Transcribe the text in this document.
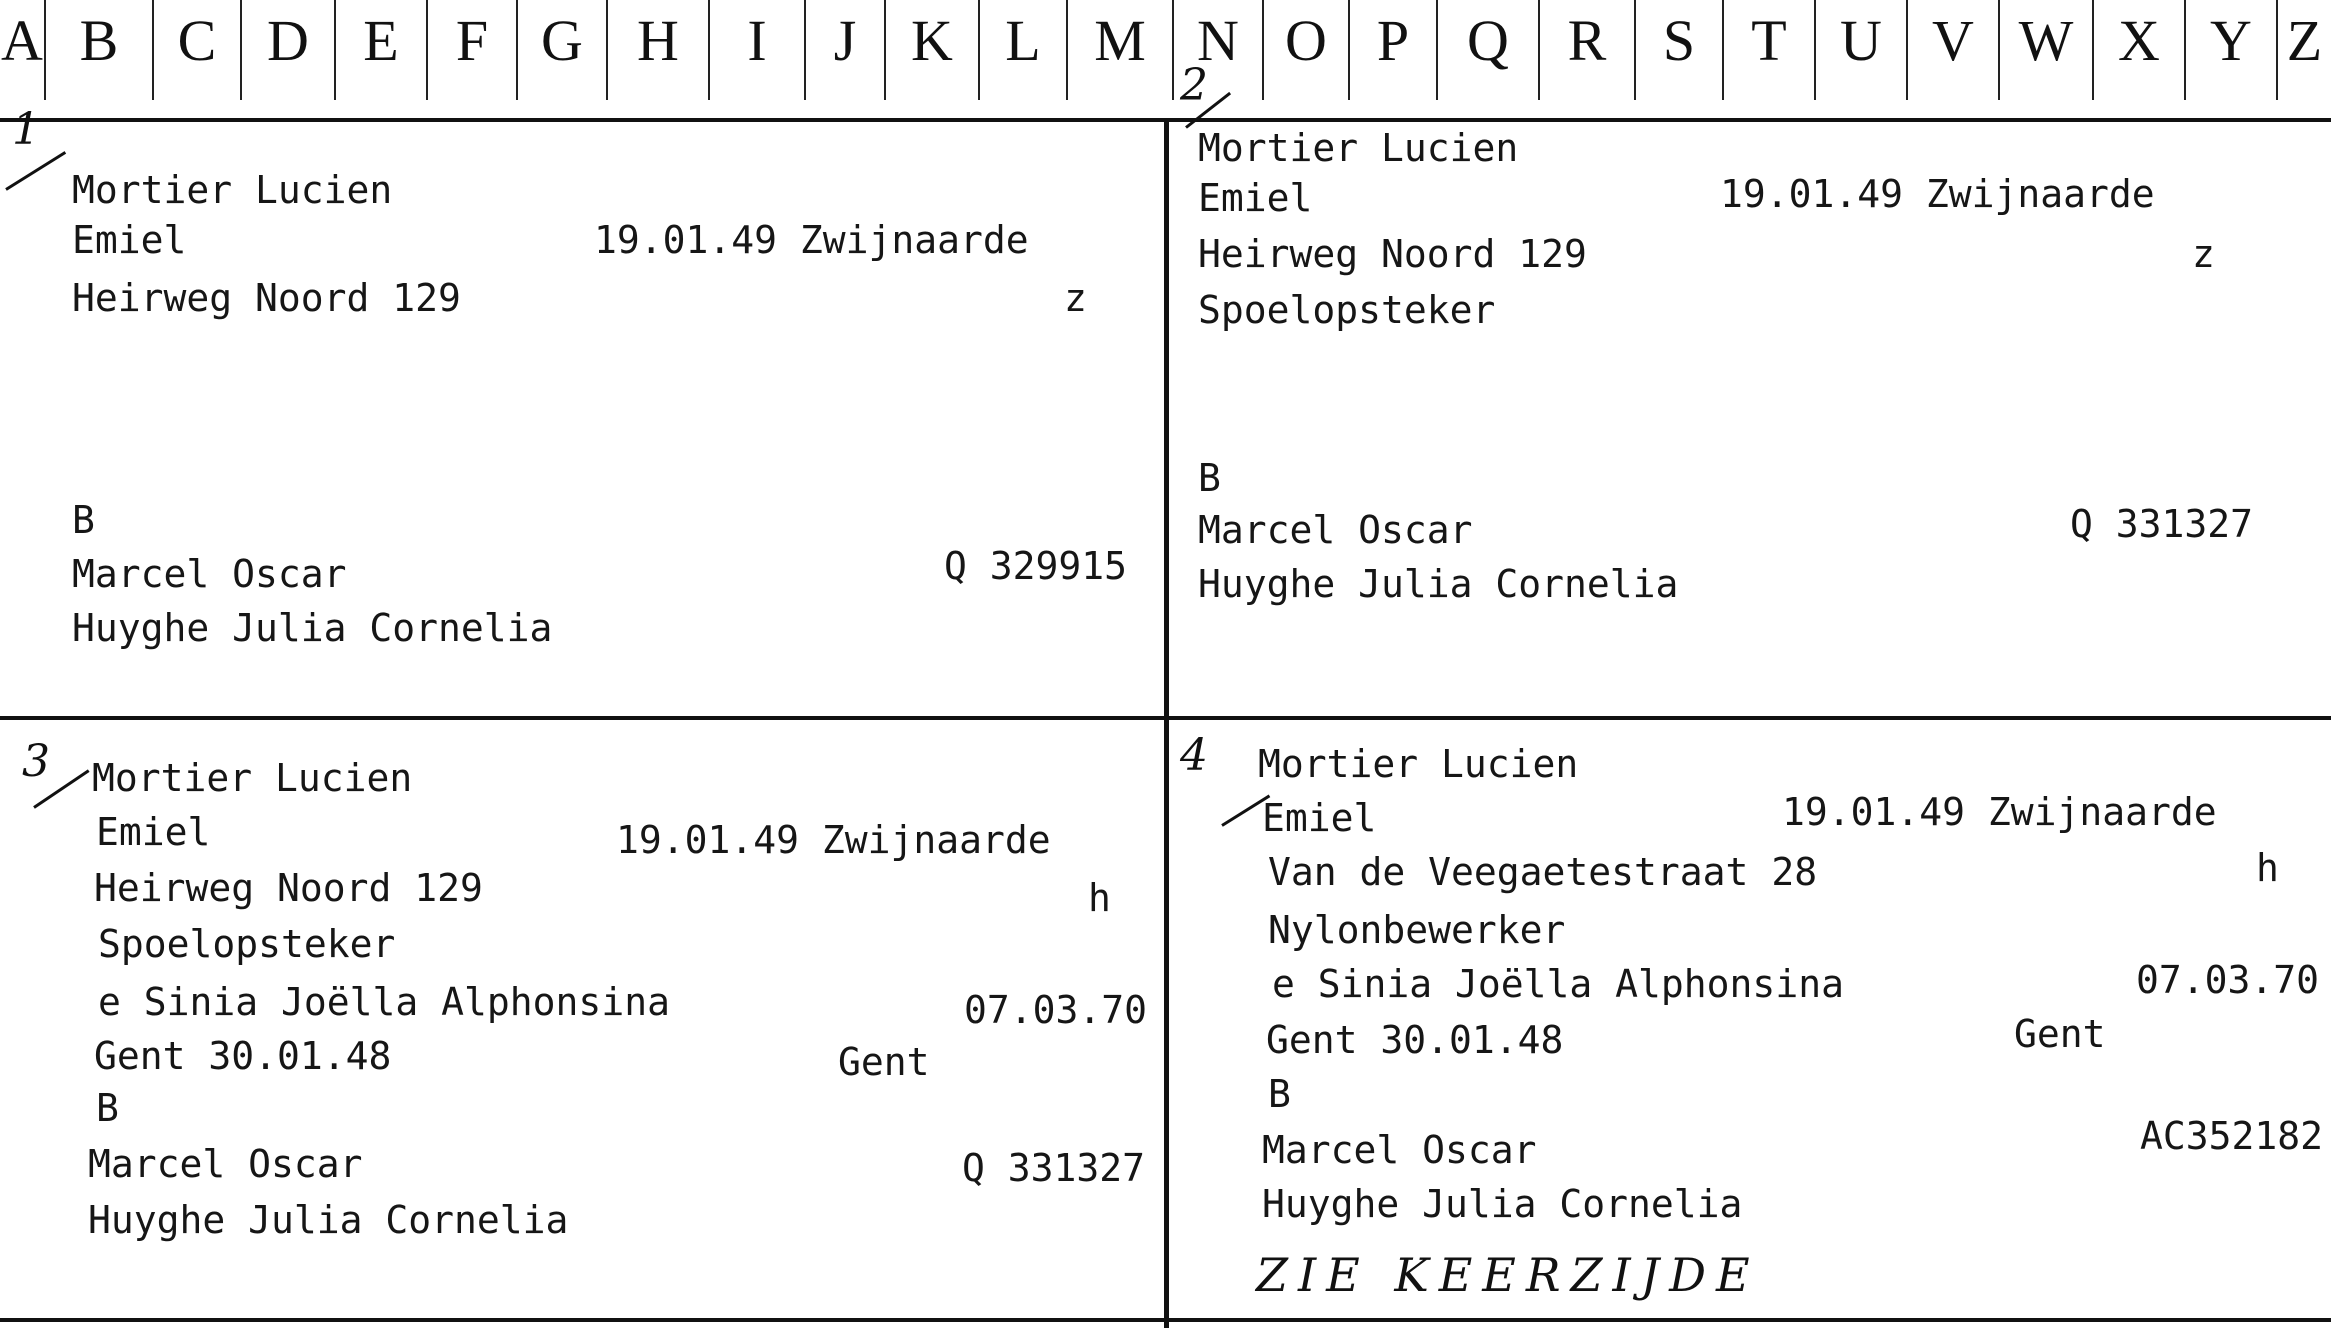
A B	C D E F G H	I	J K L M N O P Q	R S T U V W X Y Z
1
Mortier Lucien
Emiel	19.01.49 Zwijnaarde
Heirweg Noord 129	z
B
Marcel Oscar	Q 329915
Huyghe Julia Cornelia
2
Mortier Lucien
Emiel	19.01.49 Zwijnaarde
Heirweg Noord 129	z
Spoelopsteker
B
Marcel Oscar	Q 331327
Huyghe Julia Cornelia
3 Mortier Lucien
Emiel	19.01.49 Zwijnaarde
Heirweg Noord 129	h
Spoelopsteker
e Sinia Joëlla Alphonsina	07.03.70
Gent 30.01.48	Gent
B
Marcel Oscar	Q 331327
Huyghe Julia Cornelia
4 Mortier Lucien
Emiel	19.01.49 Zwijnaarde
Van de Veegaetestraat 28	h
Nylonbewerker
e Sinia Joëlla Alphonsina	07.03.70
Gent 30.01.48	Gent
B
Marcel Oscar	AC352182
Huyghe Julia Cornelia
ZIE KEERZIJDE
